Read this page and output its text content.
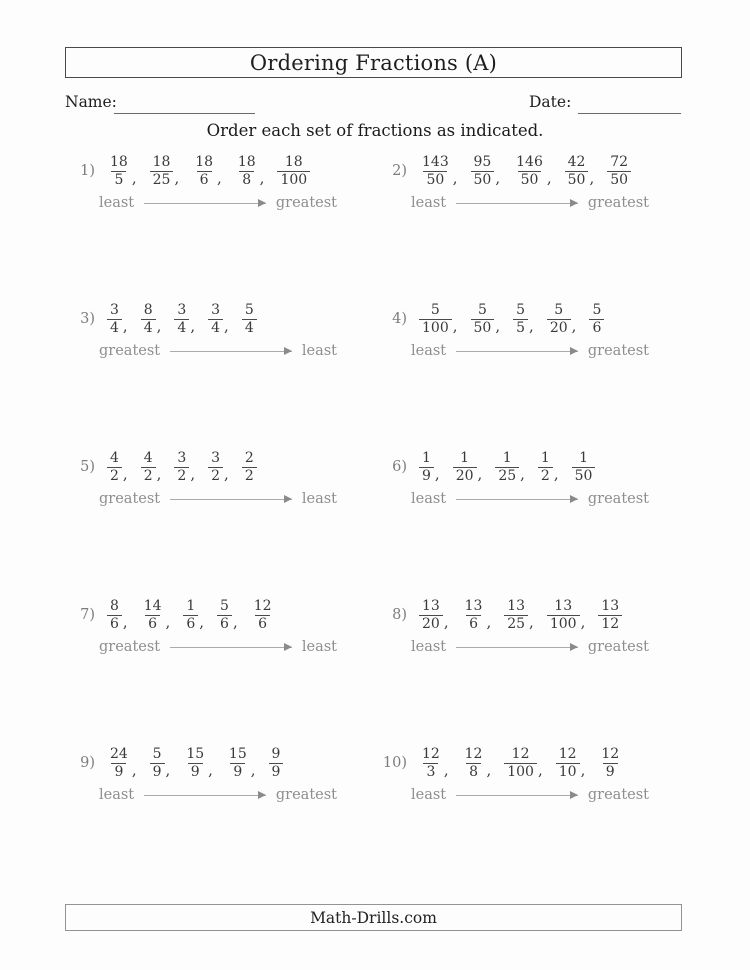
Ordering Fractions (A)
Name:	Date:
Order each set of fractions as indicated.
$1) \frac{18}{5}$ , $\frac{18}{25}$ , $\frac{18}{6}$ , $\frac{18}{8}$ , $\frac{18}{100}$
least	greatest
$2) \frac{143}{50}$ , $\frac{95}{50}$ , $\frac{146}{50}$ , $\frac{42}{50}$ , $\frac{72}{50}$
least	greatest
$3) \frac{3}{4}$ , $\frac{8}{4}$ , $\frac{3}{4}$ , $\frac{3}{4}$ , $\frac{5}{4}$
greatest	least
$4) \frac{5}{100}$ , $\frac{5}{50}$ , $\frac{5}{5}$ , $\frac{5}{20}$ , $\frac{5}{6}$
least	greatest
$5) \frac{4}{2}$ , $\frac{4}{2}$ , $\frac{3}{2}$ , $\frac{3}{2}$ , $\frac{2}{2}$
greatest	least
$6) \frac{1}{9}$ , $\frac{1}{20}$ , $\frac{1}{25}$ , $\frac{1}{2}$ , $\frac{1}{50}$
least	greatest
$7) \frac{8}{6}$ , $\frac{14}{6}$ , $\frac{1}{6}$ , $\frac{5}{6}$ , $\frac{12}{6}$
greatest	least
$8) \frac{13}{20}$ , $\frac{13}{6}$ , $\frac{13}{25}$ , $\frac{13}{100}$ , $\frac{13}{12}$
least	greatest
$9) \frac{24}{9}$ , $\frac{5}{9}$ , $\frac{15}{9}$ , $\frac{15}{9}$ , $\frac{9}{9}$
least	greatest
$10) \frac{12}{3}$ , $\frac{12}{8}$ , $\frac{12}{100}$ , $\frac{12}{10}$ , $\frac{12}{9}$
least	greatest
Math-Drills.com
